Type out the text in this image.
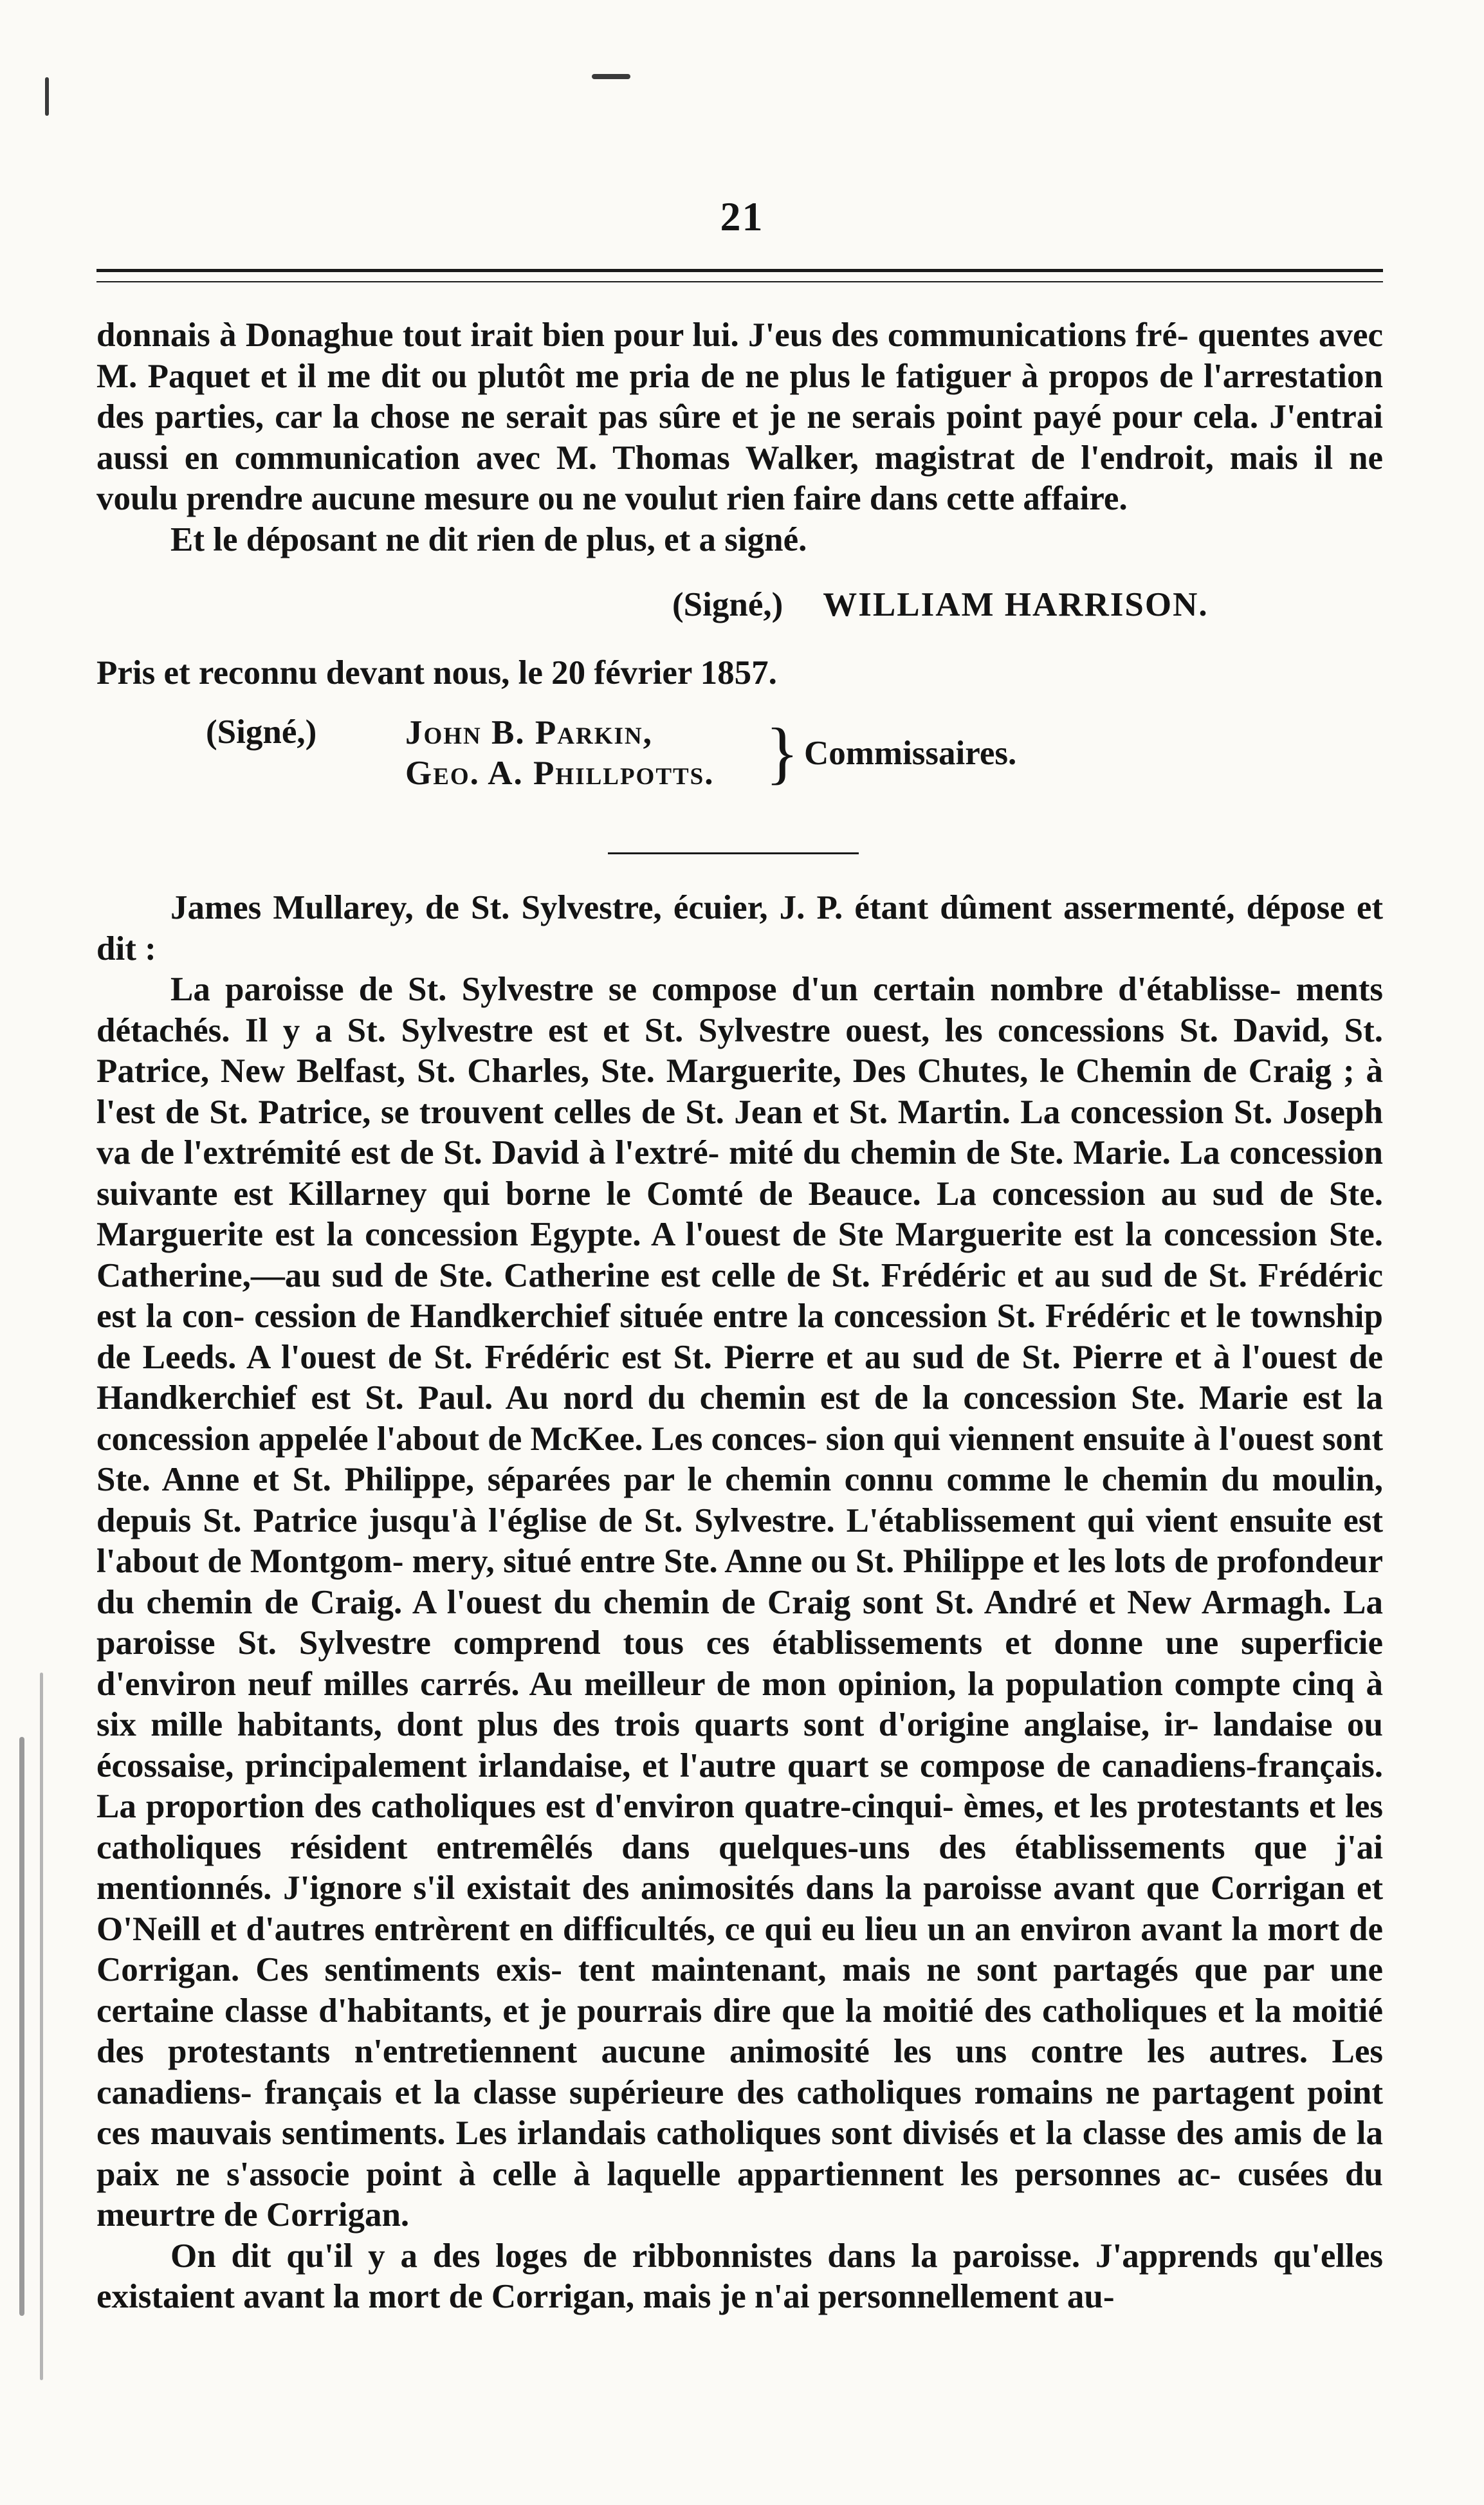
21

donnais à Donaghue tout irait bien pour lui. J'eus des communications fré- quentes avec M. Paquet et il me dit ou plutôt me pria de ne plus le fatiguer à propos de l'arrestation des parties, car la chose ne serait pas sûre et je ne serais point payé pour cela. J'entrai aussi en communication avec M. Thomas Walker, magistrat de l'endroit, mais il ne voulu prendre aucune mesure ou ne voulut rien faire dans cette affaire.

Et le déposant ne dit rien de plus, et a signé.

(Signé,) WILLIAM HARRISON.
Pris et reconnu devant nous, le 20 février 1857.
(Signé,)	John B. Parkin,
Geo. A. Phillpotts. } Commissaires.

James Mullarey, de St. Sylvestre, écuier, J. P. étant dûment assermenté, dépose et dit :

La paroisse de St. Sylvestre se compose d'un certain nombre d'établisse- ments détachés. Il y a St. Sylvestre est et St. Sylvestre ouest, les concessions St. David, St. Patrice, New Belfast, St. Charles, Ste. Marguerite, Des Chutes, le Chemin de Craig ; à l'est de St. Patrice, se trouvent celles de St. Jean et St. Martin. La concession St. Joseph va de l'extrémité est de St. David à l'extré- mité du chemin de Ste. Marie. La concession suivante est Killarney qui borne le Comté de Beauce. La concession au sud de Ste. Marguerite est la concession Egypte. A l'ouest de Ste Marguerite est la concession Ste. Catherine,—au sud de Ste. Catherine est celle de St. Frédéric et au sud de St. Frédéric est la con- cession de Handkerchief située entre la concession St. Frédéric et le township de Leeds. A l'ouest de St. Frédéric est St. Pierre et au sud de St. Pierre et à l'ouest de Handkerchief est St. Paul. Au nord du chemin est de la concession Ste. Marie est la concession appelée l'about de McKee. Les conces- sion qui viennent ensuite à l'ouest sont Ste. Anne et St. Philippe, séparées par le chemin connu comme le chemin du moulin, depuis St. Patrice jusqu'à l'église de St. Sylvestre. L'établissement qui vient ensuite est l'about de Montgom- mery, situé entre Ste. Anne ou St. Philippe et les lots de profondeur du chemin de Craig. A l'ouest du chemin de Craig sont St. André et New Armagh. La paroisse St. Sylvestre comprend tous ces établissements et donne une superficie d'environ neuf milles carrés. Au meilleur de mon opinion, la population compte cinq à six mille habitants, dont plus des trois quarts sont d'origine anglaise, ir- landaise ou écossaise, principalement irlandaise, et l'autre quart se compose de canadiens-français. La proportion des catholiques est d'environ quatre-cinqui- èmes, et les protestants et les catholiques résident entremêlés dans quelques-uns des établissements que j'ai mentionnés. J'ignore s'il existait des animosités dans la paroisse avant que Corrigan et O'Neill et d'autres entrèrent en difficultés, ce qui eu lieu un an environ avant la mort de Corrigan. Ces sentiments exis- tent maintenant, mais ne sont partagés que par une certaine classe d'habitants, et je pourrais dire que la moitié des catholiques et la moitié des protestants n'entretiennent aucune animosité les uns contre les autres. Les canadiens- français et la classe supérieure des catholiques romains ne partagent point ces mauvais sentiments. Les irlandais catholiques sont divisés et la classe des amis de la paix ne s'associe point à celle à laquelle appartiennent les personnes ac- cusées du meurtre de Corrigan.

On dit qu'il y a des loges de ribbonnistes dans la paroisse. J'apprends qu'elles existaient avant la mort de Corrigan, mais je n'ai personnellement au-
